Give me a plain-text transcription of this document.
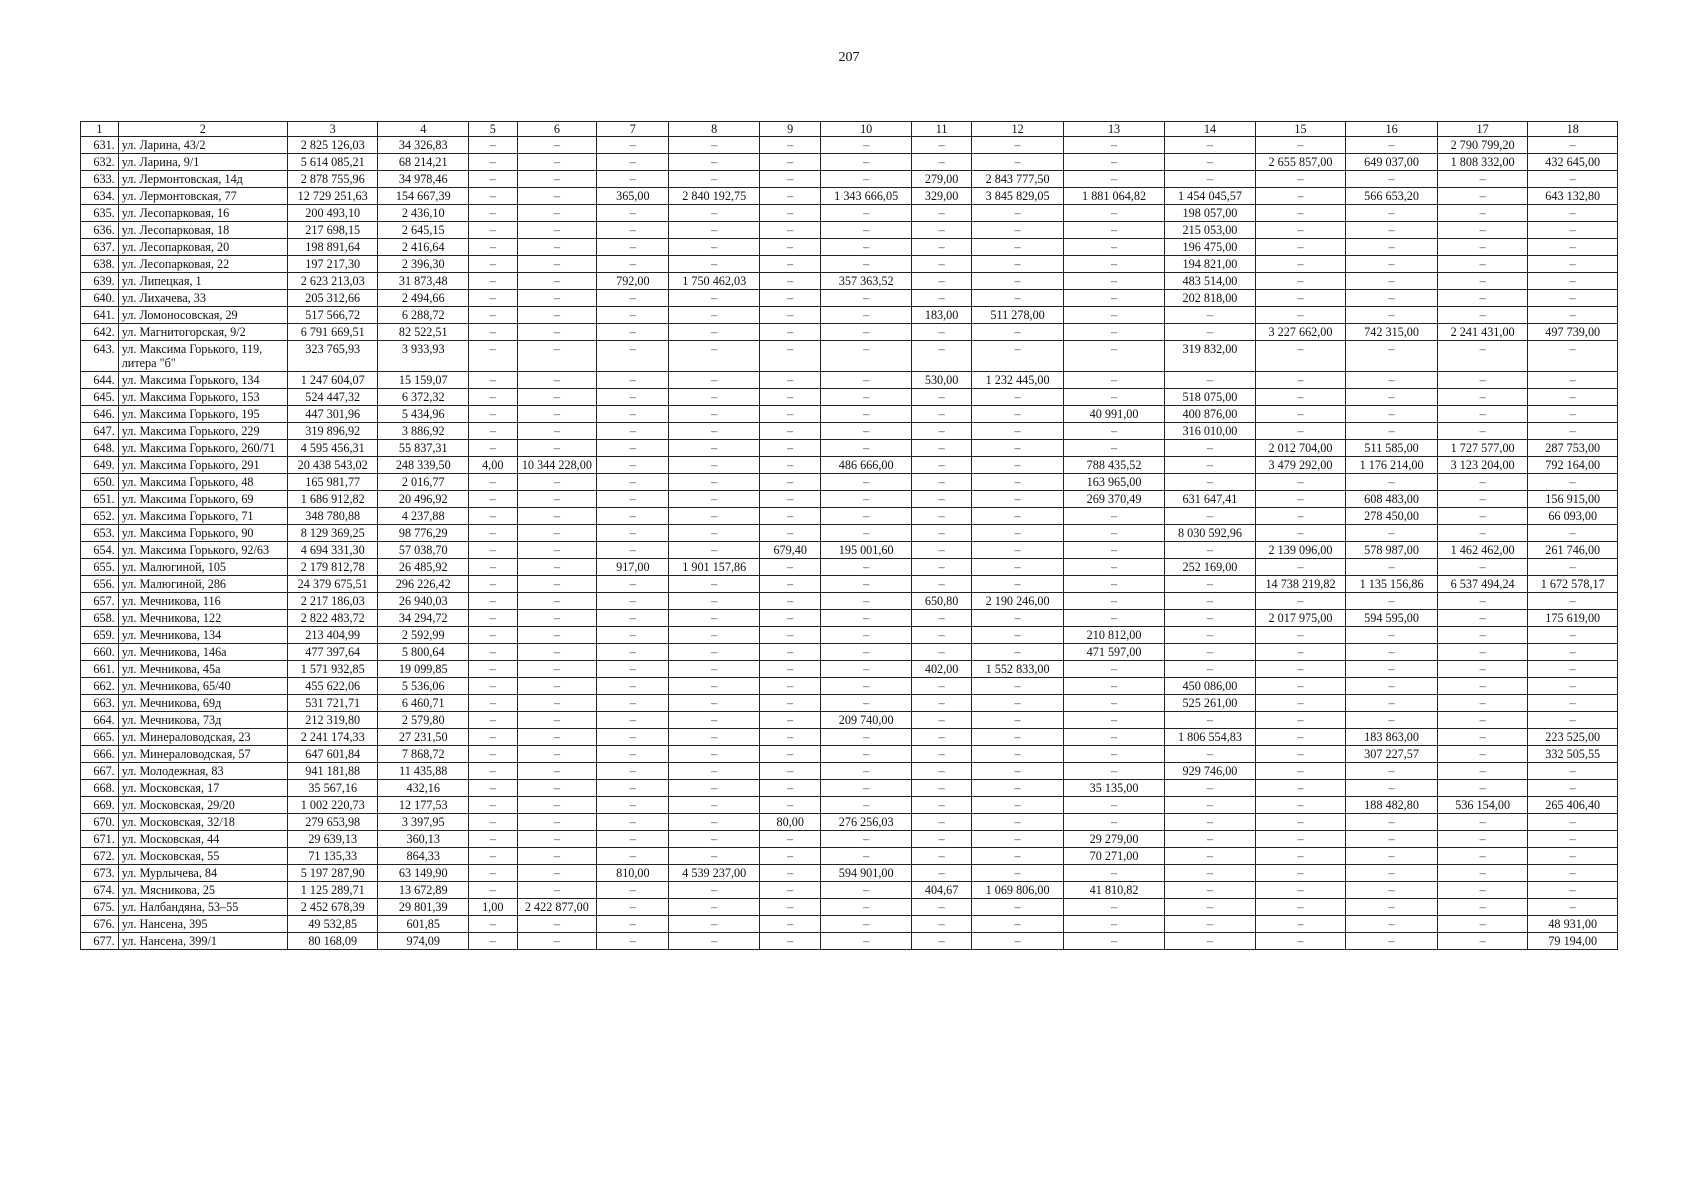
207
1	2	3	4	5	6	7	8	9	10	11	12	13	14	15	16	17	18
631.	ул. Ларина, 43/2	2 825 126,03	34 326,83	–	–	–	–	–	–	–	–	–	–	–	–	2 790 799,20	–
632.	ул. Ларина, 9/1	5 614 085,21	68 214,21	–	–	–	–	–	–	–	–	–	–	2 655 857,00	649 037,00	1 808 332,00	432 645,00
633.	ул. Лермонтовская, 14д	2 878 755,96	34 978,46	–	–	–	–	–	–	279,00	2 843 777,50	–	–	–	–	–	–
634.	ул. Лермонтовская, 77	12 729 251,63	154 667,39	–	–	365,00	2 840 192,75	–	1 343 666,05	329,00	3 845 829,05	1 881 064,82	1 454 045,57	–	566 653,20	–	643 132,80
635.	ул. Лесопарковая, 16	200 493,10	2 436,10	–	–	–	–	–	–	–	–	–	198 057,00	–	–	–	–
636.	ул. Лесопарковая, 18	217 698,15	2 645,15	–	–	–	–	–	–	–	–	–	215 053,00	–	–	–	–
637.	ул. Лесопарковая, 20	198 891,64	2 416,64	–	–	–	–	–	–	–	–	–	196 475,00	–	–	–	–
638.	ул. Лесопарковая, 22	197 217,30	2 396,30	–	–	–	–	–	–	–	–	–	194 821,00	–	–	–	–
639.	ул. Липецкая, 1	2 623 213,03	31 873,48	–	–	792,00	1 750 462,03	–	357 363,52	–	–	–	483 514,00	–	–	–	–
640.	ул. Лихачева, 33	205 312,66	2 494,66	–	–	–	–	–	–	–	–	–	202 818,00	–	–	–	–
641.	ул. Ломоносовская, 29	517 566,72	6 288,72	–	–	–	–	–	–	183,00	511 278,00	–	–	–	–	–	–
642.	ул. Магнитогорская, 9/2	6 791 669,51	82 522,51	–	–	–	–	–	–	–	–	–	–	3 227 662,00	742 315,00	2 241 431,00	497 739,00
643.	ул. Максима Горького, 119, литера "б"	323 765,93	3 933,93	–	–	–	–	–	–	–	–	–	319 832,00	–	–	–	–
644.	ул. Максима Горького, 134	1 247 604,07	15 159,07	–	–	–	–	–	–	530,00	1 232 445,00	–	–	–	–	–	–
645.	ул. Максима Горького, 153	524 447,32	6 372,32	–	–	–	–	–	–	–	–	–	518 075,00	–	–	–	–
646.	ул. Максима Горького, 195	447 301,96	5 434,96	–	–	–	–	–	–	–	–	40 991,00	400 876,00	–	–	–	–
647.	ул. Максима Горького, 229	319 896,92	3 886,92	–	–	–	–	–	–	–	–	–	316 010,00	–	–	–	–
648.	ул. Максима Горького, 260/71	4 595 456,31	55 837,31	–	–	–	–	–	–	–	–	–	–	2 012 704,00	511 585,00	1 727 577,00	287 753,00
649.	ул. Максима Горького, 291	20 438 543,02	248 339,50	4,00	10 344 228,00	–	–	–	486 666,00	–	–	788 435,52	–	3 479 292,00	1 176 214,00	3 123 204,00	792 164,00
650.	ул. Максима Горького, 48	165 981,77	2 016,77	–	–	–	–	–	–	–	–	163 965,00	–	–	–	–	–
651.	ул. Максима Горького, 69	1 686 912,82	20 496,92	–	–	–	–	–	–	–	–	269 370,49	631 647,41	–	608 483,00	–	156 915,00
652.	ул. Максима Горького, 71	348 780,88	4 237,88	–	–	–	–	–	–	–	–	–	–	–	278 450,00	–	66 093,00
653.	ул. Максима Горького, 90	8 129 369,25	98 776,29	–	–	–	–	–	–	–	–	–	8 030 592,96	–	–	–	–
654.	ул. Максима Горького, 92/63	4 694 331,30	57 038,70	–	–	–	–	679,40	195 001,60	–	–	–	–	2 139 096,00	578 987,00	1 462 462,00	261 746,00
655.	ул. Малюгиной, 105	2 179 812,78	26 485,92	–	–	917,00	1 901 157,86	–	–	–	–	–	252 169,00	–	–	–	–
656.	ул. Малюгиной, 286	24 379 675,51	296 226,42	–	–	–	–	–	–	–	–	–	–	14 738 219,82	1 135 156,86	6 537 494,24	1 672 578,17
657.	ул. Мечникова, 116	2 217 186,03	26 940,03	–	–	–	–	–	–	650,80	2 190 246,00	–	–	–	–	–	–
658.	ул. Мечникова, 122	2 822 483,72	34 294,72	–	–	–	–	–	–	–	–	–	–	2 017 975,00	594 595,00	–	175 619,00
659.	ул. Мечникова, 134	213 404,99	2 592,99	–	–	–	–	–	–	–	–	210 812,00	–	–	–	–	–
660.	ул. Мечникова, 146а	477 397,64	5 800,64	–	–	–	–	–	–	–	–	471 597,00	–	–	–	–	–
661.	ул. Мечникова, 45а	1 571 932,85	19 099,85	–	–	–	–	–	–	402,00	1 552 833,00	–	–	–	–	–	–
662.	ул. Мечникова, 65/40	455 622,06	5 536,06	–	–	–	–	–	–	–	–	–	450 086,00	–	–	–	–
663.	ул. Мечникова, 69д	531 721,71	6 460,71	–	–	–	–	–	–	–	–	–	525 261,00	–	–	–	–
664.	ул. Мечникова, 73д	212 319,80	2 579,80	–	–	–	–	–	209 740,00	–	–	–	–	–	–	–	–
665.	ул. Минераловодская, 23	2 241 174,33	27 231,50	–	–	–	–	–	–	–	–	–	1 806 554,83	–	183 863,00	–	223 525,00
666.	ул. Минераловодская, 57	647 601,84	7 868,72	–	–	–	–	–	–	–	–	–	–	–	307 227,57	–	332 505,55
667.	ул. Молодежная, 83	941 181,88	11 435,88	–	–	–	–	–	–	–	–	–	929 746,00	–	–	–	–
668.	ул. Московская, 17	35 567,16	432,16	–	–	–	–	–	–	–	–	35 135,00	–	–	–	–	–
669.	ул. Московская, 29/20	1 002 220,73	12 177,53	–	–	–	–	–	–	–	–	–	–	–	188 482,80	536 154,00	265 406,40
670.	ул. Московская, 32/18	279 653,98	3 397,95	–	–	–	–	80,00	276 256,03	–	–	–	–	–	–	–	–
671.	ул. Московская, 44	29 639,13	360,13	–	–	–	–	–	–	–	–	29 279,00	–	–	–	–	–
672.	ул. Московская, 55	71 135,33	864,33	–	–	–	–	–	–	–	–	70 271,00	–	–	–	–	–
673.	ул. Мурлычева, 84	5 197 287,90	63 149,90	–	–	810,00	4 539 237,00	–	594 901,00	–	–	–	–	–	–	–	–
674.	ул. Мясникова, 25	1 125 289,71	13 672,89	–	–	–	–	–	–	404,67	1 069 806,00	41 810,82	–	–	–	–	–
675.	ул. Налбандяна, 53–55	2 452 678,39	29 801,39	1,00	2 422 877,00	–	–	–	–	–	–	–	–	–	–	–	–
676.	ул. Нансена, 395	49 532,85	601,85	–	–	–	–	–	–	–	–	–	–	–	–	–	48 931,00
677.	ул. Нансена, 399/1	80 168,09	974,09	–	–	–	–	–	–	–	–	–	–	–	–	–	79 194,00
